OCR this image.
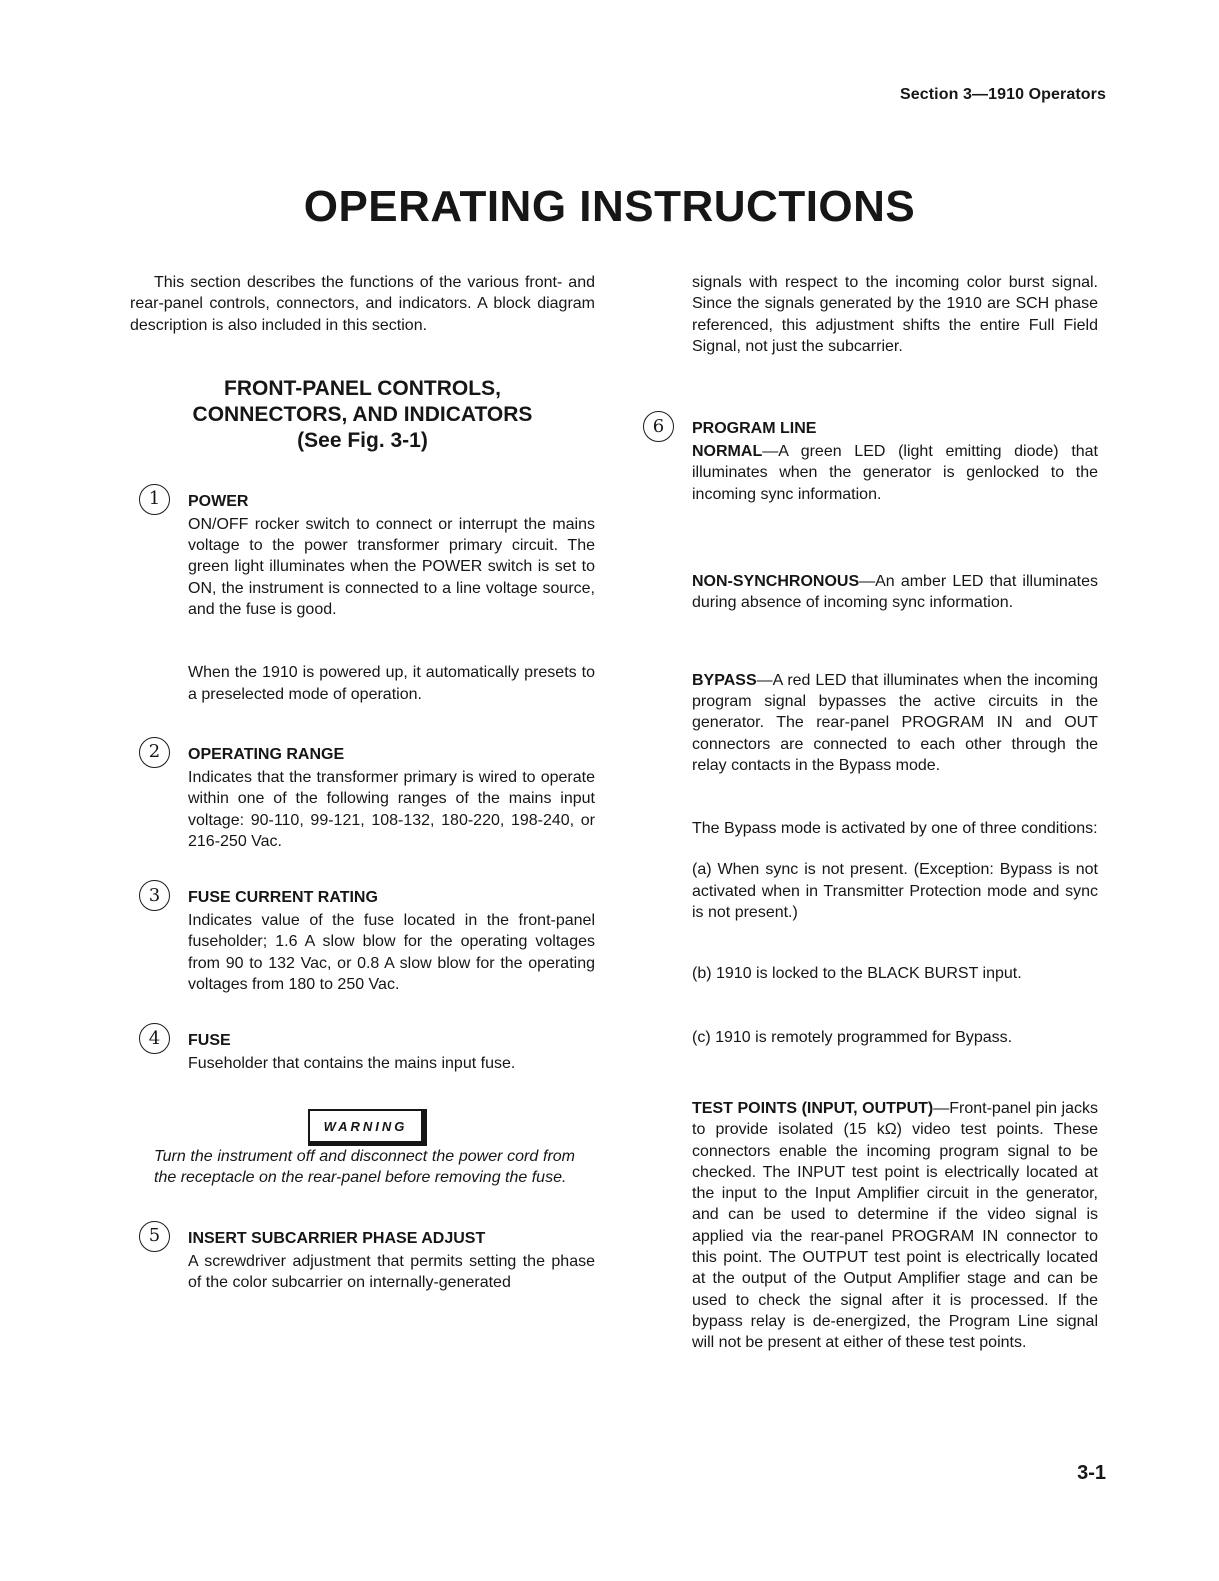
Section 3—1910 Operators
OPERATING INSTRUCTIONS

This section describes the functions of the various front- and rear-panel controls, connectors, and indicators. A block diagram description is also included in this section.

FRONT-PANEL CONTROLS,
CONNECTORS, AND INDICATORS
(See Fig. 3-1)
1	POWER

ON/OFF rocker switch to connect or interrupt the mains voltage to the power transformer primary circuit. The green light illuminates when the POWER switch is set to ON, the instrument is connected to a line voltage source, and the fuse is good.

When the 1910 is powered up, it automatically presets to a preselected mode of operation.

2	OPERATING RANGE

Indicates that the transformer primary is wired to operate within one of the following ranges of the mains input voltage: 90-110, 99-121, 108-132, 180-220, 198-240, or 216-250 Vac.

3	FUSE CURRENT RATING

Indicates value of the fuse located in the front-panel fuseholder; 1.6 A slow blow for the operating voltages from 90 to 132 Vac, or 0.8 A slow blow for the operating voltages from 180 to 250 Vac.

4	FUSE

Fuseholder that contains the mains input fuse.

WARNING

Turn the instrument off and disconnect the power cord from the receptacle on the rear-panel before removing the fuse.

5	INSERT SUBCARRIER PHASE ADJUST

A screwdriver adjustment that permits setting the phase of the color subcarrier on internally-generated

signals with respect to the incoming color burst signal. Since the signals generated by the 1910 are SCH phase referenced, this adjustment shifts the entire Full Field Signal, not just the subcarrier.

6	PROGRAM LINE

NORMAL—A green LED (light emitting diode) that illuminates when the generator is genlocked to the incoming sync information.

NON-SYNCHRONOUS—An amber LED that illuminates during absence of incoming sync information.

BYPASS—A red LED that illuminates when the incoming program signal bypasses the active circuits in the generator. The rear-panel PROGRAM IN and OUT connectors are connected to each other through the relay contacts in the Bypass mode.

The Bypass mode is activated by one of three conditions:

(a) When sync is not present. (Exception: Bypass is not activated when in Transmitter Protection mode and sync is not present.)

(b) 1910 is locked to the BLACK BURST input.

(c) 1910 is remotely programmed for Bypass.

TEST POINTS (INPUT, OUTPUT)—Front-panel pin jacks to provide isolated (15 kΩ) video test points. These connectors enable the incoming program signal to be checked. The INPUT test point is electrically located at the input to the Input Amplifier circuit in the generator, and can be used to determine if the video signal is applied via the rear-panel PROGRAM IN connector to this point. The OUTPUT test point is electrically located at the output of the Output Amplifier stage and can be used to check the signal after it is processed. If the bypass relay is de-energized, the Program Line signal will not be present at either of these test points.

3-1
